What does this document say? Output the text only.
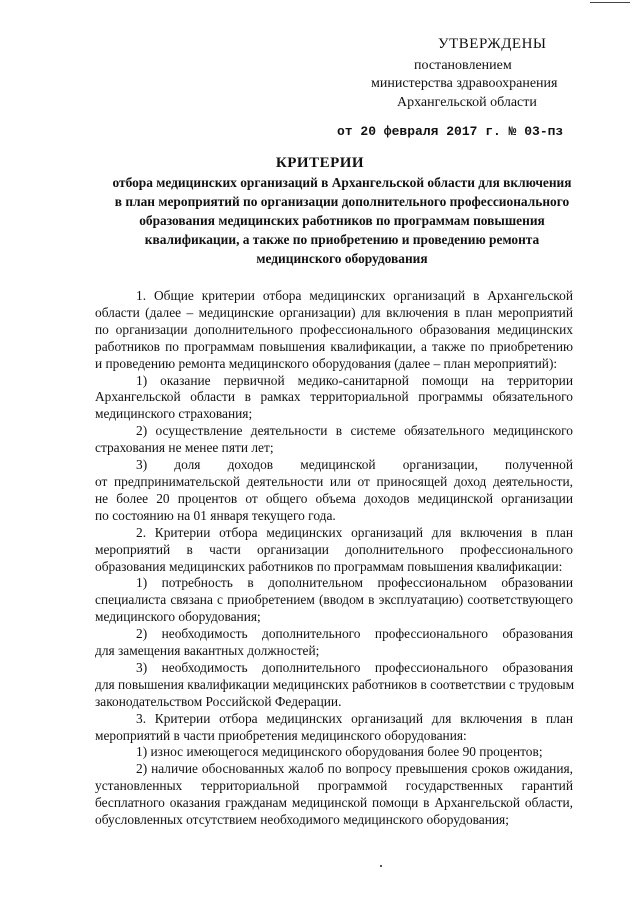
УТВЕРЖДЕНЫ
постановлением
министерства здравоохранения
Архангельской области
от 20 февраля 2017 г. № 03-пз
КРИТЕРИИ
отбора медицинских организаций в Архангельской области для включения
в план мероприятий по организации дополнительного профессионального
образования медицинских работников по программам повышения
квалификации, а также по приобретению и проведению ремонта
медицинского оборудования
1. Общие критерии отбора медицинских организаций в Архангельской
области (далее – медицинские организации) для включения в план мероприятий
по организации дополнительного профессионального образования медицинских
работников по программам повышения квалификации, а также по приобретению
и проведению ремонта медицинского оборудования (далее – план мероприятий):
1) оказание первичной медико-санитарной помощи на территории
Архангельской области в рамках территориальной программы обязательного
медицинского страхования;
2) осуществление деятельности в системе обязательного медицинского
страхования не менее пяти лет;
3) доля доходов медицинской организации, полученной
от предпринимательской деятельности или от приносящей доход деятельности,
не более 20 процентов от общего объема доходов медицинской организации
по состоянию на 01 января текущего года.
2. Критерии отбора медицинских организаций для включения в план
мероприятий в части организации дополнительного профессионального
образования медицинских работников по программам повышения квалификации:
1) потребность в дополнительном профессиональном образовании
специалиста связана с приобретением (вводом в эксплуатацию) соответствующего
медицинского оборудования;
2) необходимость дополнительного профессионального образования
для замещения вакантных должностей;
3) необходимость дополнительного профессионального образования
для повышения квалификации медицинских работников в соответствии с трудовым
законодательством Российской Федерации.
3. Критерии отбора медицинских организаций для включения в план
мероприятий в части приобретения медицинского оборудования:
1) износ имеющегося медицинского оборудования более 90 процентов;
2) наличие обоснованных жалоб по вопросу превышения сроков ожидания,
установленных территориальной программой государственных гарантий
бесплатного оказания гражданам медицинской помощи в Архангельской области,
обусловленных отсутствием необходимого медицинского оборудования;
